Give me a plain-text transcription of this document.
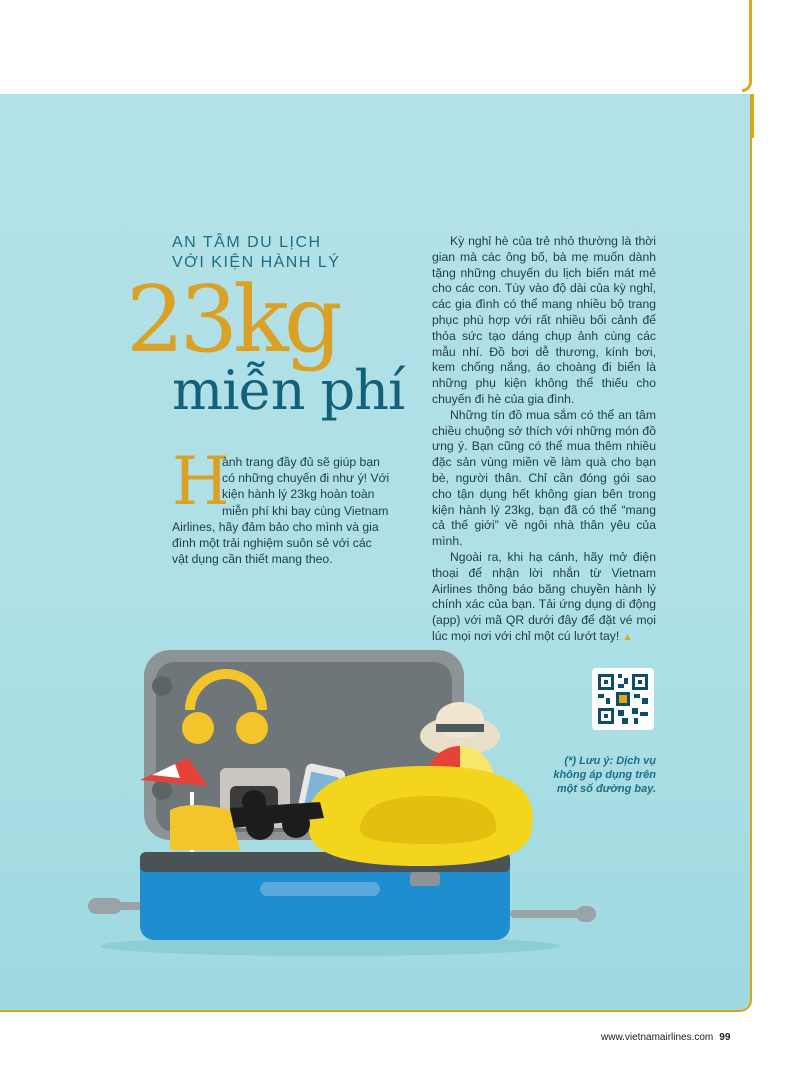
AN TÂM DU LỊCH
VỚI KIỆN HÀNH LÝ
23kg
miễn phí
H
ành trang đầy đủ sẽ giúp bạn có những chuyến đi như ý! Với kiện hành lý 23kg hoàn toàn miễn phí khi bay cùng Vietnam Airlines, hãy đảm bảo cho mình và gia đình một trải nghiệm suôn sẻ với các vật dụng cần thiết mang theo.

Kỳ nghỉ hè của trẻ nhỏ thường là thời gian mà các ông bố, bà mẹ muốn dành tặng những chuyến du lịch biển mát mẻ cho các con. Tùy vào độ dài của kỳ nghỉ, các gia đình có thể mang nhiều bộ trang phục phù hợp với rất nhiều bối cảnh để thỏa sức tạo dáng chụp ảnh cùng các mẫu nhí. Đồ bơi dễ thương, kính bơi, kem chống nắng, áo choàng đi biển là những phụ kiện không thể thiếu cho chuyến đi hè của gia đình.

Những tín đồ mua sắm có thể an tâm chiều chuộng sở thích với những món đồ ưng ý. Bạn cũng có thể mua thêm nhiều đặc sản vùng miền về làm quà cho bạn bè, người thân. Chỉ cần đóng gói sao cho tận dụng hết không gian bên trong kiện hành lý 23kg, bạn đã có thể “mang cả thế giới” về ngôi nhà thân yêu của mình.

Ngoài ra, khi hạ cánh, hãy mở điện thoại để nhận lời nhắn từ Vietnam Airlines thông báo băng chuyền hành lý chính xác của bạn. Tải ứng dụng di động (app) với mã QR dưới đây để đặt vé mọi lúc mọi nơi với chỉ một cú lướt tay! ▲

(*) Lưu ý: Dịch vụ không áp dụng trên một số đường bay.
www.vietnamairlines.com 99
